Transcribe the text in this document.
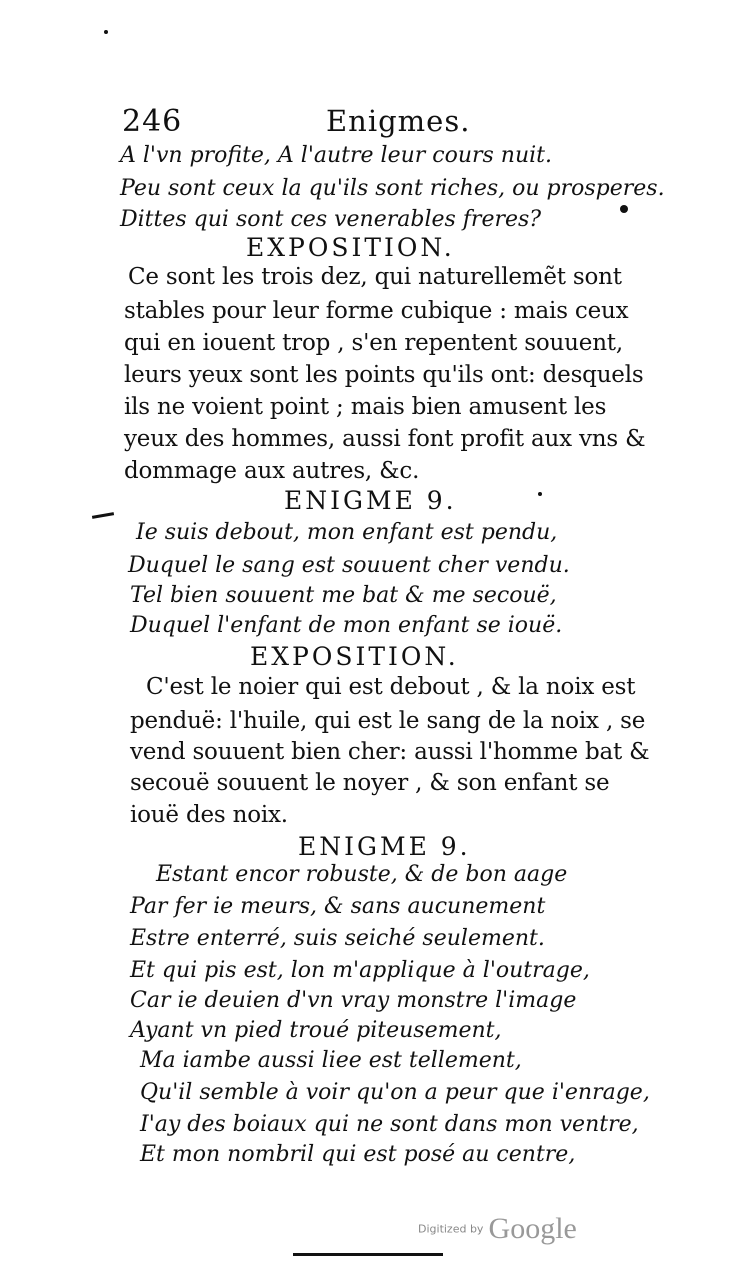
246	Enigmes.
A l'vn profite, A l'autre leur cours nuit.
Peu sont ceux la qu'ils sont riches, ou prosperes.
Dittes qui sont ces venerables freres?
EXPOSITION.
Ce sont les trois dez, qui naturellemẽt sont
stables pour leur forme cubique : mais ceux
qui en iouent trop , s'en repentent souuent,
leurs yeux sont les points qu'ils ont: desquels
ils ne voient point ; mais bien amusent les
yeux des hommes, aussi font profit aux vns &
dommage aux autres, &c.
ENIGME 9.
Ie suis debout, mon enfant est pendu,
Duquel le sang est souuent cher vendu.
Tel bien souuent me bat & me secouë,
Duquel l'enfant de mon enfant se iouë.
EXPOSITION.
C'est le noier qui est debout , & la noix est
penduë: l'huile, qui est le sang de la noix , se
vend souuent bien cher: aussi l'homme bat &
secouë souuent le noyer , & son enfant se
iouë des noix.
ENIGME 9.
Estant encor robuste, & de bon aage
Par fer ie meurs, & sans aucunement
Estre enterré, suis seiché seulement.
Et qui pis est, lon m'applique à l'outrage,
Car ie deuien d'vn vray monstre l'image
Ayant vn pied troué piteusement,
Ma iambe aussi liee est tellement,
Qu'il semble à voir qu'on a peur que i'enrage,
I'ay des boiaux qui ne sont dans mon ventre,
Et mon nombril qui est posé au centre,
Digitized by Google
